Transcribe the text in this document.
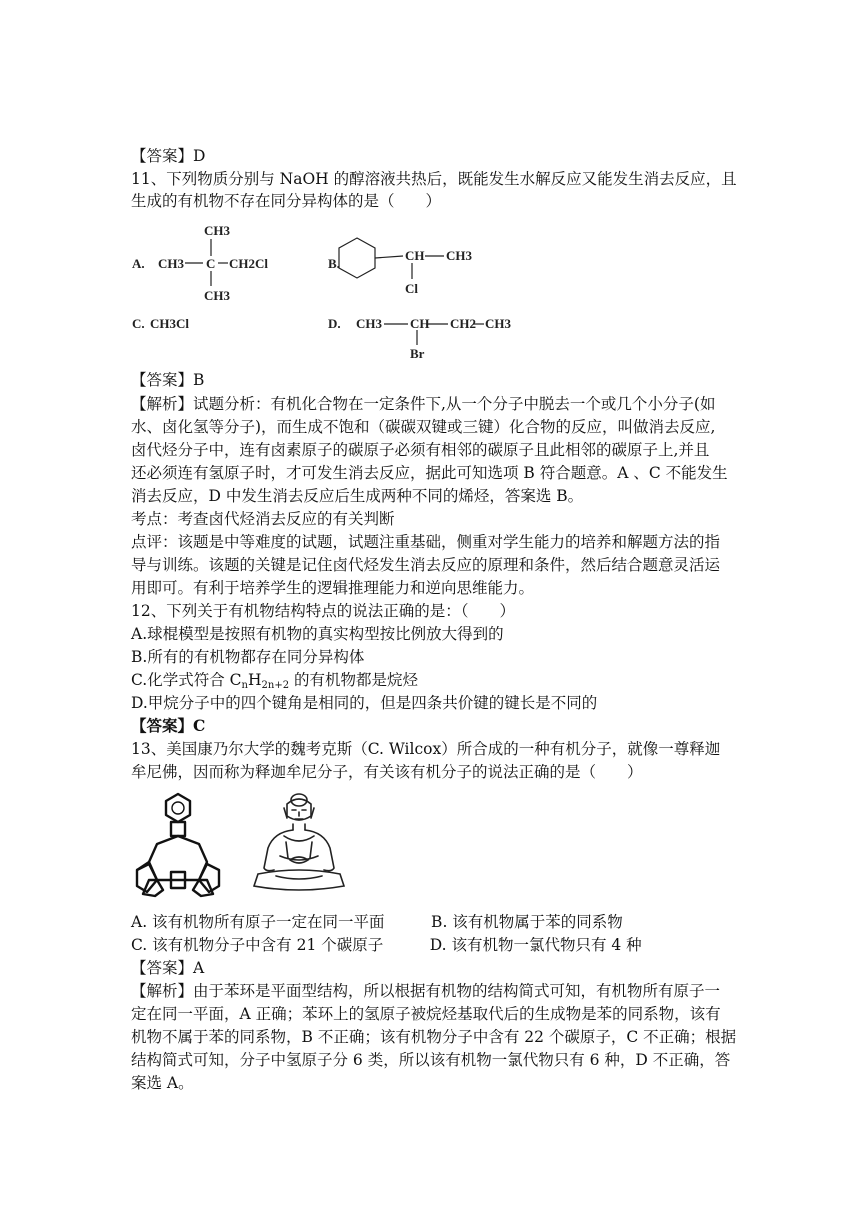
【答案】D
11、下列物质分别与 NaOH 的醇溶液共热后，既能发生水解反应又能发生消去反应，且
生成的有机物不存在同分异构体的是（　　）
A.
CH3
CH3 C CH2Cl
CH3
B.
CH CH3
Cl
C. CH3Cl	D. CH3 CH CH2 CH3
Br
【答案】B
【解析】试题分析：有机化合物在一定条件下,从一个分子中脱去一个或几个小分子(如
水、卤化氢等分子)，而生成不饱和（碳碳双键或三键）化合物的反应，叫做消去反应,
卤代烃分子中，连有卤素原子的碳原子必须有相邻的碳原子且此相邻的碳原子上,并且
还必须连有氢原子时，才可发生消去反应，据此可知选项 B 符合题意。A 、C 不能发生
消去反应，D 中发生消去反应后生成两种不同的烯烃，答案选 B。
考点：考查卤代烃消去反应的有关判断
点评：该题是中等难度的试题，试题注重基础，侧重对学生能力的培养和解题方法的指
导与训练。该题的关键是记住卤代烃发生消去反应的原理和条件，然后结合题意灵活运
用即可。有利于培养学生的逻辑推理能力和逆向思维能力。
12、下列关于有机物结构特点的说法正确的是：（　　）
A.球棍模型是按照有机物的真实构型按比例放大得到的
B.所有的有机物都存在同分异构体
C.化学式符合 $C_nH_{2n+2}$ 的有机物都是烷烃
D.甲烷分子中的四个键角是相同的，但是四条共价键的键长是不同的
【答案】C
13、美国康乃尔大学的魏考克斯（C. Wilcox）所合成的一种有机分子，就像一尊释迦
牟尼佛，因而称为释迦牟尼分子，有关该有机分子的说法正确的是（　　）
A. 该有机物所有原子一定在同一平面　　　B. 该有机物属于苯的同系物
C. 该有机物分子中含有 21 个碳原子　　　D. 该有机物一氯代物只有 4 种
【答案】A
【解析】由于苯环是平面型结构，所以根据有机物的结构简式可知，有机物所有原子一
定在同一平面，A 正确；苯环上的氢原子被烷烃基取代后的生成物是苯的同系物，该有
机物不属于苯的同系物，B 不正确；该有机物分子中含有 22 个碳原子，C 不正确；根据
结构简式可知，分子中氢原子分 6 类，所以该有机物一氯代物只有 6 种，D 不正确，答
案选 A。
